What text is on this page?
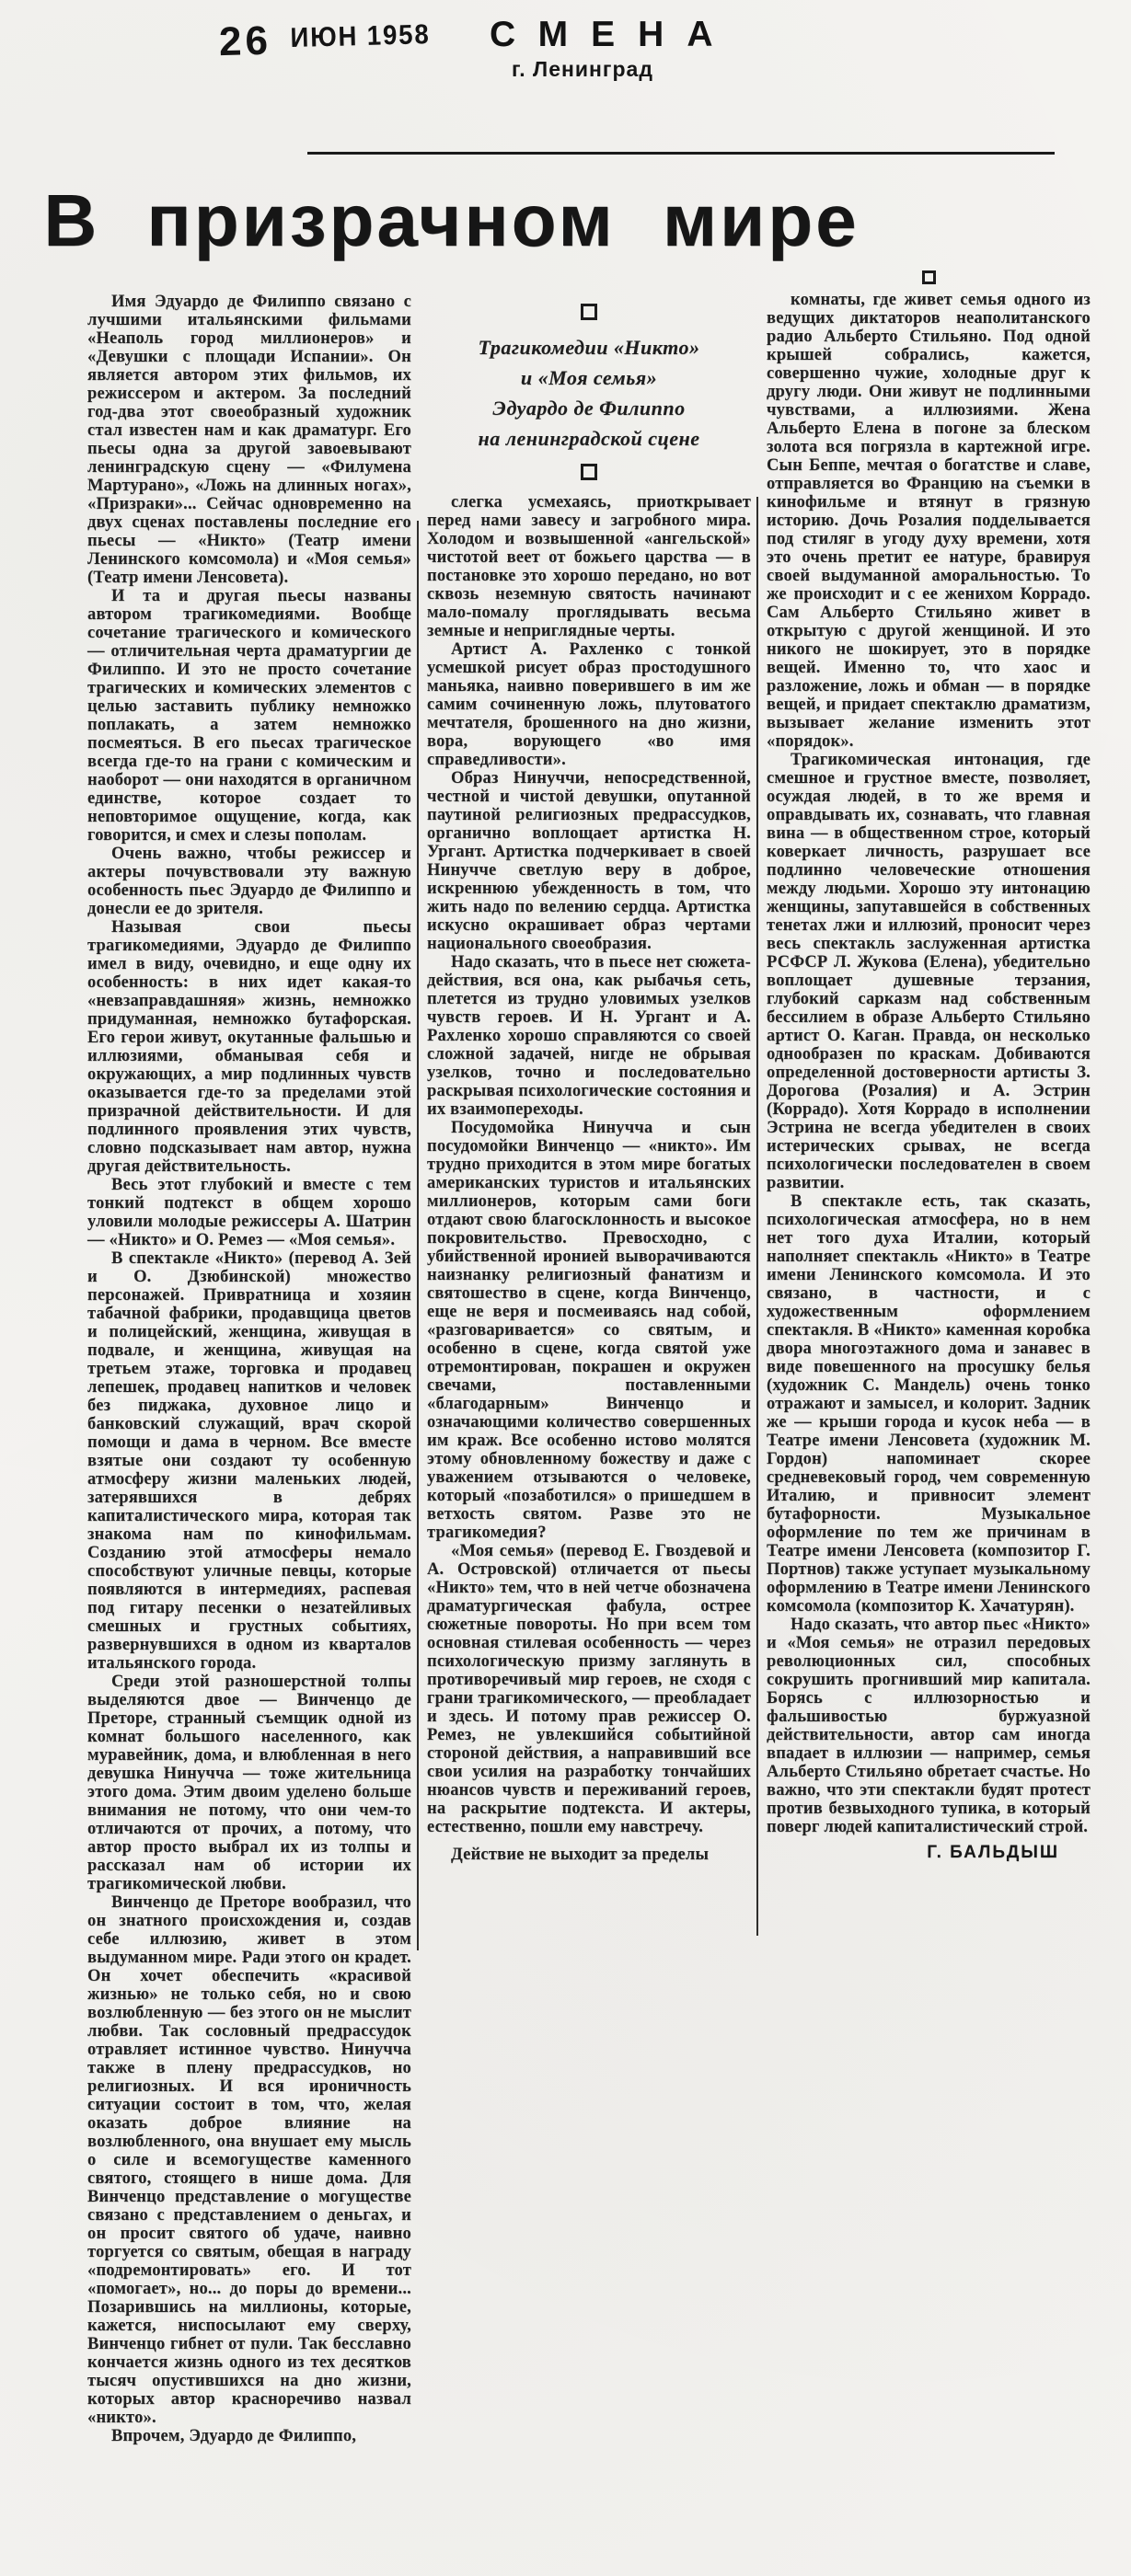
26 ИЮН 1958 СМЕНА
г. Ленинград
В призрачном мире

Имя Эдуардо де Филиппо связано с лучшими итальянскими фильмами «Неаполь город миллионеров» и «Девушки с площади Испании». Он является автором этих фильмов, их режиссером и актером. За последний год-два этот своеобразный художник стал известен нам и как драматург. Его пьесы одна за другой завоевывают ленинградскую сцену — «Филумена Мартурано», «Ложь на длинных ногах», «Призраки»... Сейчас одновременно на двух сценах поставлены последние его пьесы — «Никто» (Театр имени Ленинского комсомола) и «Моя семья» (Театр имени Ленсовета).

И та и другая пьесы названы автором трагикомедиями. Вообще сочетание трагического и комического — отличительная черта драматургии де Филиппо. И это не просто сочетание трагических и комических элементов с целью заставить публику немножко поплакать, а затем немножко посмеяться. В его пьесах трагическое всегда где-то на грани с комическим и наоборот — они находятся в органичном единстве, которое создает то неповторимое ощущение, когда, как говорится, и смех и слезы пополам.

Очень важно, чтобы режиссер и актеры почувствовали эту важную особенность пьес Эдуардо де Филиппо и донесли ее до зрителя.

Называя свои пьесы трагикомедиями, Эдуардо де Филиппо имел в виду, очевидно, и еще одну их особенность: в них идет какая-то «невзаправдашняя» жизнь, немножко придуманная, немножко бутафорская. Его герои живут, окутанные фальшью и иллюзиями, обманывая себя и окружающих, а мир подлинных чувств оказывается где-то за пределами этой призрачной действительности. И для подлинного проявления этих чувств, словно подсказывает нам автор, нужна другая действительность.

Весь этот глубокий и вместе с тем тонкий подтекст в общем хорошо уловили молодые режиссеры А. Шатрин — «Никто» и О. Ремез — «Моя семья».

В спектакле «Никто» (перевод А. Зей и О. Дзюбинской) множество персонажей. Привратница и хозяин табачной фабрики, продавщица цветов и полицейский, женщина, живущая в подвале, и женщина, живущая на третьем этаже, торговка и продавец лепешек, продавец напитков и человек без пиджака, духовное лицо и банковский служащий, врач скорой помощи и дама в черном. Все вместе взятые они создают ту особенную атмосферу жизни маленьких людей, затерявшихся в дебрях капиталистического мира, которая так знакома нам по кинофильмам. Созданию этой атмосферы немало способствуют уличные певцы, которые появляются в интермедиях, распевая под гитару песенки о незатейливых смешных и грустных событиях, развернувшихся в одном из кварталов итальянского города.

Среди этой разношерстной толпы выделяются двое — Винченцо де Преторе, странный съемщик одной из комнат большого населенного, как муравейник, дома, и влюбленная в него девушка Нинучча — тоже жительница этого дома. Этим двоим уделено больше внимания не потому, что они чем-то отличаются от прочих, а потому, что автор просто выбрал их из толпы и рассказал нам об истории их трагикомической любви.

Винченцо де Преторе вообразил, что он знатного происхождения и, создав себе иллюзию, живет в этом выдуманном мире. Ради этого он крадет. Он хочет обеспечить «красивой жизнью» не только себя, но и свою возлюбленную — без этого он не мыслит любви. Так сословный предрассудок отравляет истинное чувство. Нинучча также в плену предрассудков, но религиозных. И вся ироничность ситуации состоит в том, что, желая оказать доброе влияние на возлюбленного, она внушает ему мысль о силе и всемогуществе каменного святого, стоящего в нише дома. Для Винченцо представление о могуществе связано с представлением о деньгах, и он просит святого об удаче, наивно торгуется со святым, обещая в награду «подремонтировать» его. И тот «помогает», но... до поры до времени... Позарившись на миллионы, которые, кажется, ниспосылают ему сверху, Винченцо гибнет от пули. Так бесславно кончается жизнь одного из тех десятков тысяч опустившихся на дно жизни, которых автор красноречиво назвал «никто».

Впрочем, Эдуардо де Филиппо,

Трагикомедии «Никто»
и «Моя семья»
Эдуардо де Филиппо
на ленинградской сцене

слегка усмехаясь, приоткрывает перед нами завесу и загробного мира. Холодом и возвышенной «ангельской» чистотой веет от божьего царства — в постановке это хорошо передано, но вот сквозь неземную святость начинают мало-помалу проглядывать весьма земные и неприглядные черты.

Артист А. Рахленко с тонкой усмешкой рисует образ простодушного маньяка, наивно поверившего в им же самим сочиненную ложь, плутоватого мечтателя, брошенного на дно жизни, вора, ворующего «во имя справедливости».

Образ Нинуччи, непосредственной, честной и чистой девушки, опутанной паутиной религиозных предрассудков, органично воплощает артистка Н. Ургант. Артистка подчеркивает в своей Нинучче светлую веру в доброе, искреннюю убежденность в том, что жить надо по велению сердца. Артистка искусно окрашивает образ чертами национального своеобразия.

Надо сказать, что в пьесе нет сюжета-действия, вся она, как рыбачья сеть, плетется из трудно уловимых узелков чувств героев. И Н. Ургант и А. Рахленко хорошо справляются со своей сложной задачей, нигде не обрывая узелков, точно и последовательно раскрывая психологические состояния и их взаимопереходы.

Посудомойка Нинучча и сын посудомойки Винченцо — «никто». Им трудно приходится в этом мире богатых американских туристов и итальянских миллионеров, которым сами боги отдают свою благосклонность и высокое покровительство. Превосходно, с убийственной иронией выворачиваются наизнанку религиозный фанатизм и святошество в сцене, когда Винченцо, еще не веря и посмеиваясь над собой, «разговаривается» со святым, и особенно в сцене, когда святой уже отремонтирован, покрашен и окружен свечами, поставленными «благодарным» Винченцо и означающими количество совершенных им краж. Все особенно истово молятся этому обновленному божеству и даже с уважением отзываются о человеке, который «позаботился» о пришедшем в ветхость святом. Разве это не трагикомедия?

«Моя семья» (перевод Е. Гвоздевой и А. Островской) отличается от пьесы «Никто» тем, что в ней четче обозначена драматургическая фабула, острее сюжетные повороты. Но при всем том основная стилевая особенность — через психологическую призму заглянуть в противоречивый мир героев, не сходя с грани трагикомического, — преобладает и здесь. И потому прав режиссер О. Ремез, не увлекшийся событийной стороной действия, а направивший все свои усилия на разработку тончайших нюансов чувств и переживаний героев, на раскрытие подтекста. И актеры, естественно, пошли ему навстречу.

Действие не выходит за пределы

комнаты, где живет семья одного из ведущих диктаторов неаполитанского радио Альберто Стильяно. Под одной крышей собрались, кажется, совершенно чужие, холодные друг к другу люди. Они живут не подлинными чувствами, а иллюзиями. Жена Альберто Елена в погоне за блеском золота вся погрязла в картежной игре. Сын Беппе, мечтая о богатстве и славе, отправляется во Францию на съемки в кинофильме и втянут в грязную историю. Дочь Розалия подделывается под стиляг в угоду духу времени, хотя это очень претит ее натуре, бравируя своей выдуманной аморальностью. То же происходит и с ее женихом Коррадо. Сам Альберто Стильяно живет в открытую с другой женщиной. И это никого не шокирует, это в порядке вещей. Именно то, что хаос и разложение, ложь и обман — в порядке вещей, и придает спектаклю драматизм, вызывает желание изменить этот «порядок».

Трагикомическая интонация, где смешное и грустное вместе, позволяет, осуждая людей, в то же время и оправдывать их, сознавать, что главная вина — в общественном строе, который коверкает личность, разрушает все подлинно человеческие отношения между людьми. Хорошо эту интонацию женщины, запутавшейся в собственных тенетах лжи и иллюзий, проносит через весь спектакль заслуженная артистка РСФСР Л. Жукова (Елена), убедительно воплощает душевные терзания, глубокий сарказм над собственным бессилием в образе Альберто Стильяно артист О. Каган. Правда, он несколько однообразен по краскам. Добиваются определенной достоверности артисты З. Дорогова (Розалия) и А. Эстрин (Коррадо). Хотя Коррадо в исполнении Эстрина не всегда убедителен в своих истерических срывах, не всегда психологически последователен в своем развитии.

В спектакле есть, так сказать, психологическая атмосфера, но в нем нет того духа Италии, который наполняет спектакль «Никто» в Театре имени Ленинского комсомола. И это связано, в частности, и с художественным оформлением спектакля. В «Никто» каменная коробка двора многоэтажного дома и занавес в виде повешенного на просушку белья (художник С. Мандель) очень тонко отражают и замысел, и колорит. Задник же — крыши города и кусок неба — в Театре имени Ленсовета (художник М. Гордон) напоминает скорее средневековый город, чем современную Италию, и привносит элемент бутафорности. Музыкальное оформление по тем же причинам в Театре имени Ленсовета (композитор Г. Портнов) также уступает музыкальному оформлению в Театре имени Ленинского комсомола (композитор К. Хачатурян).

Надо сказать, что автор пьес «Никто» и «Моя семья» не отразил передовых революционных сил, способных сокрушить прогнивший мир капитала. Борясь с иллюзорностью и фальшивостью буржуазной действительности, автор сам иногда впадает в иллюзии — например, семья Альберто Стильяно обретает счастье. Но важно, что эти спектакли будят протест против безвыходного тупика, в который поверг людей капиталистический строй.

Г. БАЛЬДЫШ
